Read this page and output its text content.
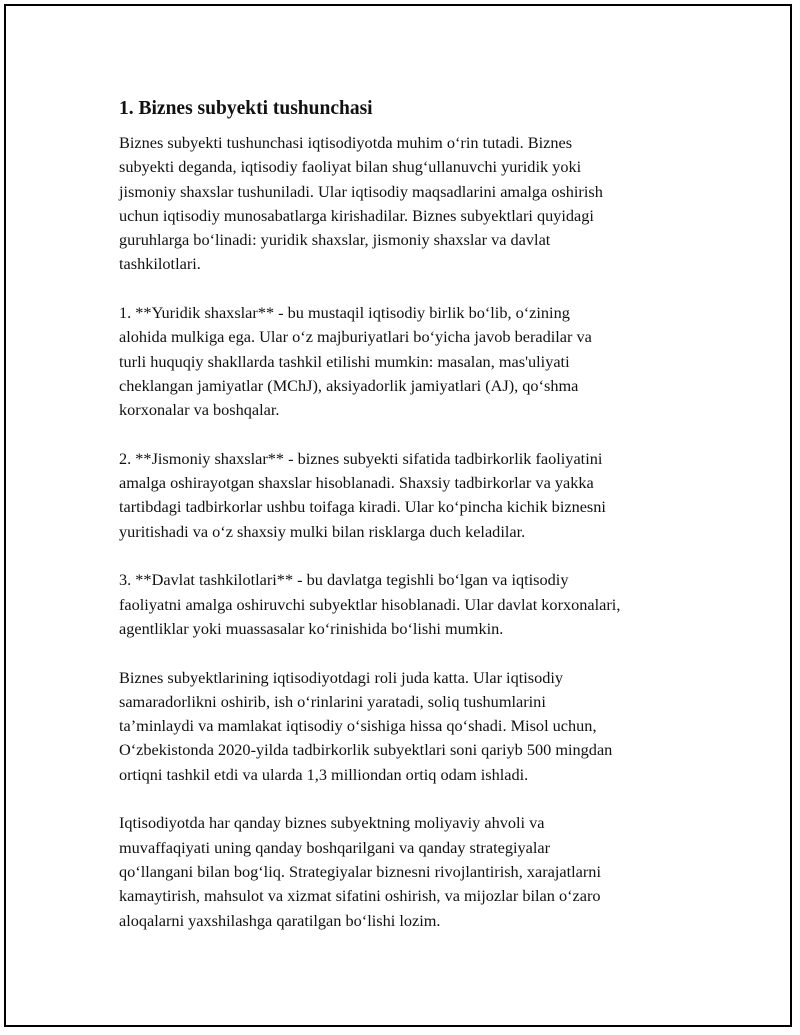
1. Biznes subyekti tushunchasi

Biznes subyekti tushunchasi iqtisodiyotda muhim o‘rin tutadi. Biznes
subyekti deganda, iqtisodiy faoliyat bilan shug‘ullanuvchi yuridik yoki
jismoniy shaxslar tushuniladi. Ular iqtisodiy maqsadlarini amalga oshirish
uchun iqtisodiy munosabatlarga kirishadilar. Biznes subyektlari quyidagi
guruhlarga bo‘linadi: yuridik shaxslar, jismoniy shaxslar va davlat
tashkilotlari.

1. **Yuridik shaxslar** - bu mustaqil iqtisodiy birlik bo‘lib, o‘zining
alohida mulkiga ega. Ular o‘z majburiyatlari bo‘yicha javob beradilar va
turli huquqiy shakllarda tashkil etilishi mumkin: masalan, mas'uliyati
cheklangan jamiyatlar (MChJ), aksiyadorlik jamiyatlari (AJ), qo‘shma
korxonalar va boshqalar.

2. **Jismoniy shaxslar** - biznes subyekti sifatida tadbirkorlik faoliyatini
amalga oshirayotgan shaxslar hisoblanadi. Shaxsiy tadbirkorlar va yakka
tartibdagi tadbirkorlar ushbu toifaga kiradi. Ular ko‘pincha kichik biznesni
yuritishadi va o‘z shaxsiy mulki bilan risklarga duch keladilar.

3. **Davlat tashkilotlari** - bu davlatga tegishli bo‘lgan va iqtisodiy
faoliyatni amalga oshiruvchi subyektlar hisoblanadi. Ular davlat korxonalari,
agentliklar yoki muassasalar ko‘rinishida bo‘lishi mumkin.

Biznes subyektlarining iqtisodiyotdagi roli juda katta. Ular iqtisodiy
samaradorlikni oshirib, ish o‘rinlarini yaratadi, soliq tushumlarini
ta’minlaydi va mamlakat iqtisodiy o‘sishiga hissa qo‘shadi. Misol uchun,
O‘zbekistonda 2020-yilda tadbirkorlik subyektlari soni qariyb 500 mingdan
ortiqni tashkil etdi va ularda 1,3 milliondan ortiq odam ishladi.

Iqtisodiyotda har qanday biznes subyektning moliyaviy ahvoli va
muvaffaqiyati uning qanday boshqarilgani va qanday strategiyalar
qo‘llangani bilan bog‘liq. Strategiyalar biznesni rivojlantirish, xarajatlarni
kamaytirish, mahsulot va xizmat sifatini oshirish, va mijozlar bilan o‘zaro
aloqalarni yaxshilashga qaratilgan bo‘lishi lozim.
